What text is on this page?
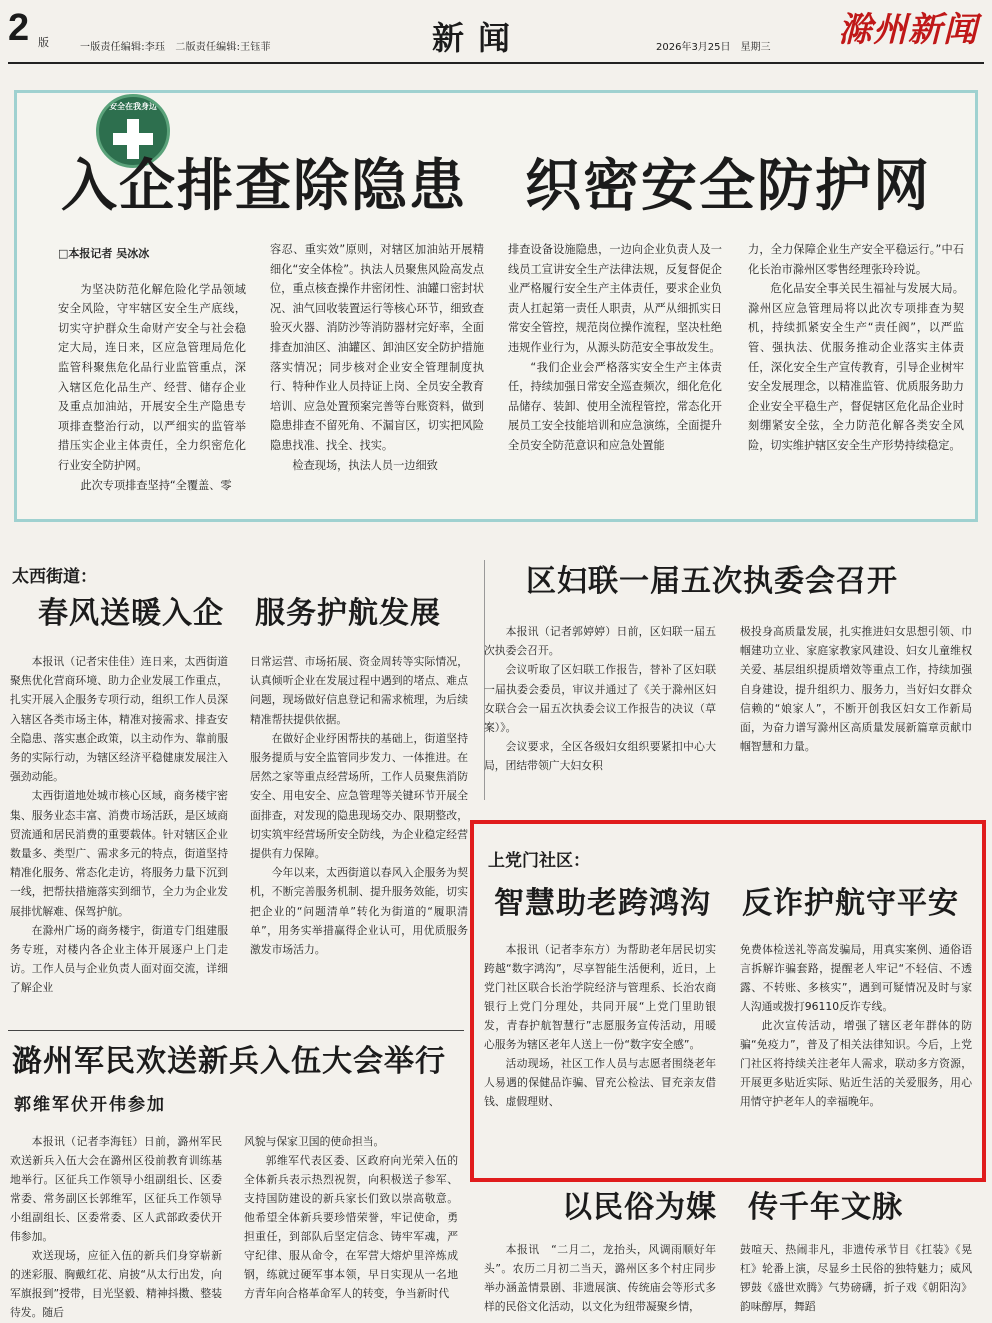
2 版	一版责任编辑:李珏　二版责任编辑:王钰菲	新闻	2026年3月25日　星期三 滁州新闻
安全在我身边
入企排查除隐患　织密安全防护网

□本报记者 吴冰冰

为坚决防范化解危险化学品领域安全风险，守牢辖区安全生产底线，切实守护群众生命财产安全与社会稳定大局，连日来，区应急管理局危化监管科聚焦危化品行业监管重点，深入辖区危化品生产、经营、储存企业及重点加油站，开展安全生产隐患专项排查整治行动，以严细实的监管举措压实企业主体责任，全力织密危化行业安全防护网。

此次专项排查坚持“全覆盖、零

容忍、重实效”原则，对辖区加油站开展精细化“安全体检”。执法人员聚焦风险高发点位，重点核查操作井密闭性、油罐口密封状况、油气回收装置运行等核心环节，细致查验灭火器、消防沙等消防器材完好率，全面排查加油区、油罐区、卸油区安全防护措施落实情况；同步核对企业安全管理制度执行、特种作业人员持证上岗、全员安全教育培训、应急处置预案完善等台账资料，做到隐患排查不留死角、不漏盲区，切实把风险隐患找准、找全、找实。

检查现场，执法人员一边细致

排查设备设施隐患，一边向企业负责人及一线员工宣讲安全生产法律法规，反复督促企业严格履行安全生产主体责任，要求企业负责人扛起第一责任人职责，从严从细抓实日常安全管控，规范岗位操作流程，坚决杜绝违规作业行为，从源头防范安全事故发生。

“我们企业会严格落实安全生产主体责任，持续加强日常安全巡查频次，细化危化品储存、装卸、使用全流程管控，常态化开展员工安全技能培训和应急演练，全面提升全员安全防范意识和应急处置能

力，全力保障企业生产安全平稳运行。”中石化长治市滁州区零售经理张玲玲说。

危化品安全事关民生福祉与发展大局。滁州区应急管理局将以此次专项排查为契机，持续抓紧安全生产“责任阀”，以严监管、强执法、优服务推动企业落实主体责任，深化安全生产宣传教育，引导企业树牢安全发展理念，以精准监管、优质服务助力企业安全平稳生产，督促辖区危化品企业时刻绷紧安全弦，全力防范化解各类安全风险，切实维护辖区安全生产形势持续稳定。

太西街道：
春风送暖入企　服务护航发展

本报讯（记者宋佳佳）连日来，太西街道聚焦优化营商环境、助力企业发展工作重点，扎实开展入企服务专项行动，组织工作人员深入辖区各类市场主体，精准对接需求、排查安全隐患、落实惠企政策，以主动作为、靠前服务的实际行动，为辖区经济平稳健康发展注入强劲动能。

太西街道地处城市核心区域，商务楼宇密集、服务业态丰富、消费市场活跃，是区域商贸流通和居民消费的重要载体。针对辖区企业数量多、类型广、需求多元的特点，街道坚持精准化服务、常态化走访，将服务力量下沉到一线，把帮扶措施落实到细节，全力为企业发展排忧解难、保驾护航。

在滁州广场的商务楼宇，街道专门组建服务专班，对楼内各企业主体开展逐户上门走访。工作人员与企业负责人面对面交流，详细了解企业

日常运营、市场拓展、资金周转等实际情况，认真倾听企业在发展过程中遇到的堵点、难点问题，现场做好信息登记和需求梳理，为后续精准帮扶提供依据。

在做好企业纾困帮扶的基础上，街道坚持服务提质与安全监管同步发力、一体推进。在居然之家等重点经营场所，工作人员聚焦消防安全、用电安全、应急管理等关键环节开展全面排查，对发现的隐患现场交办、限期整改，切实筑牢经营场所安全防线，为企业稳定经营提供有力保障。

今年以来，太西街道以春风入企服务为契机，不断完善服务机制、提升服务效能，切实把企业的“问题清单”转化为街道的“履职清单”，用务实举措赢得企业认可，用优质服务激发市场活力。

区妇联一届五次执委会召开

本报讯（记者郭婷婷）日前，区妇联一届五次执委会召开。

会议听取了区妇联工作报告，替补了区妇联一届执委会委员，审议并通过了《关于滁州区妇女联合会一届五次执委会议工作报告的决议（草案）》。

会议要求，全区各级妇女组织要紧扣中心大局，团结带领广大妇女积

极投身高质量发展，扎实推进妇女思想引领、巾帼建功立业、家庭家教家风建设、妇女儿童维权关爱、基层组织提质增效等重点工作，持续加强自身建设，提升组织力、服务力，当好妇女群众信赖的“娘家人”，不断开创我区妇女工作新局面，为奋力谱写滁州区高质量发展新篇章贡献巾帼智慧和力量。

上党门社区：
智慧助老跨鸿沟　反诈护航守平安

本报讯（记者李东方）为帮助老年居民切实跨越“数字鸿沟”，尽享智能生活便利，近日，上党门社区联合长治学院经济与管理系、长治农商银行上党门分理处，共同开展“上党门里助银发，青春护航智慧行”志愿服务宣传活动，用暖心服务为辖区老年人送上一份“数字安全感”。

活动现场，社区工作人员与志愿者围绕老年人易遇的保健品诈骗、冒充公检法、冒充亲友借钱、虚假理财、

免费体检送礼等高发骗局，用真实案例、通俗语言拆解诈骗套路，提醒老人牢记“不轻信、不透露、不转账、多核实”，遇到可疑情况及时与家人沟通或拨打96110反诈专线。

此次宣传活动，增强了辖区老年群体的防骗“免疫力”，普及了相关法律知识。今后，上党门社区将持续关注老年人需求，联动多方资源，开展更多贴近实际、贴近生活的关爱服务，用心用情守护老年人的幸福晚年。

潞州军民欢送新兵入伍大会举行
郭维军伏开伟参加

本报讯（记者李海钰）日前，潞州军民欢送新兵入伍大会在潞州区役前教育训练基地举行。区征兵工作领导小组副组长、区委常委、常务副区长郭维军，区征兵工作领导小组副组长、区委常委、区人武部政委伏开伟参加。

欢送现场，应征入伍的新兵们身穿崭新的迷彩服、胸戴红花、肩披“从太行出发，向军旗报到”授带，目光坚毅、精神抖擞、整装待发。随后

风貌与保家卫国的使命担当。

郭维军代表区委、区政府向光荣入伍的全体新兵表示热烈祝贺，向积极送子参军、支持国防建设的新兵家长们致以崇高敬意。他希望全体新兵要珍惜荣誉，牢记使命，勇担重任，到部队后坚定信念、铸牢军魂，严守纪律、服从命令，在军营大熔炉里淬炼成钢，练就过硬军事本领，早日实现从一名地方青年向合格革命军人的转变，争当新时代

以民俗为媒　传千年文脉

本报讯　“二月二，龙抬头，风调雨顺好年头”。农历二月初二当天，潞州区多个村庄同步举办涵盖情景剧、非遗展演、传统庙会等形式多样的民俗文化活动，以文化为纽带凝聚乡情，

鼓喧天、热闹非凡，非遗传承节目《扛装》《晃杠》轮番上演，尽显乡土民俗的独特魅力；威风锣鼓《盛世欢腾》气势磅礴，折子戏《朝阳沟》韵味醇厚，舞蹈
